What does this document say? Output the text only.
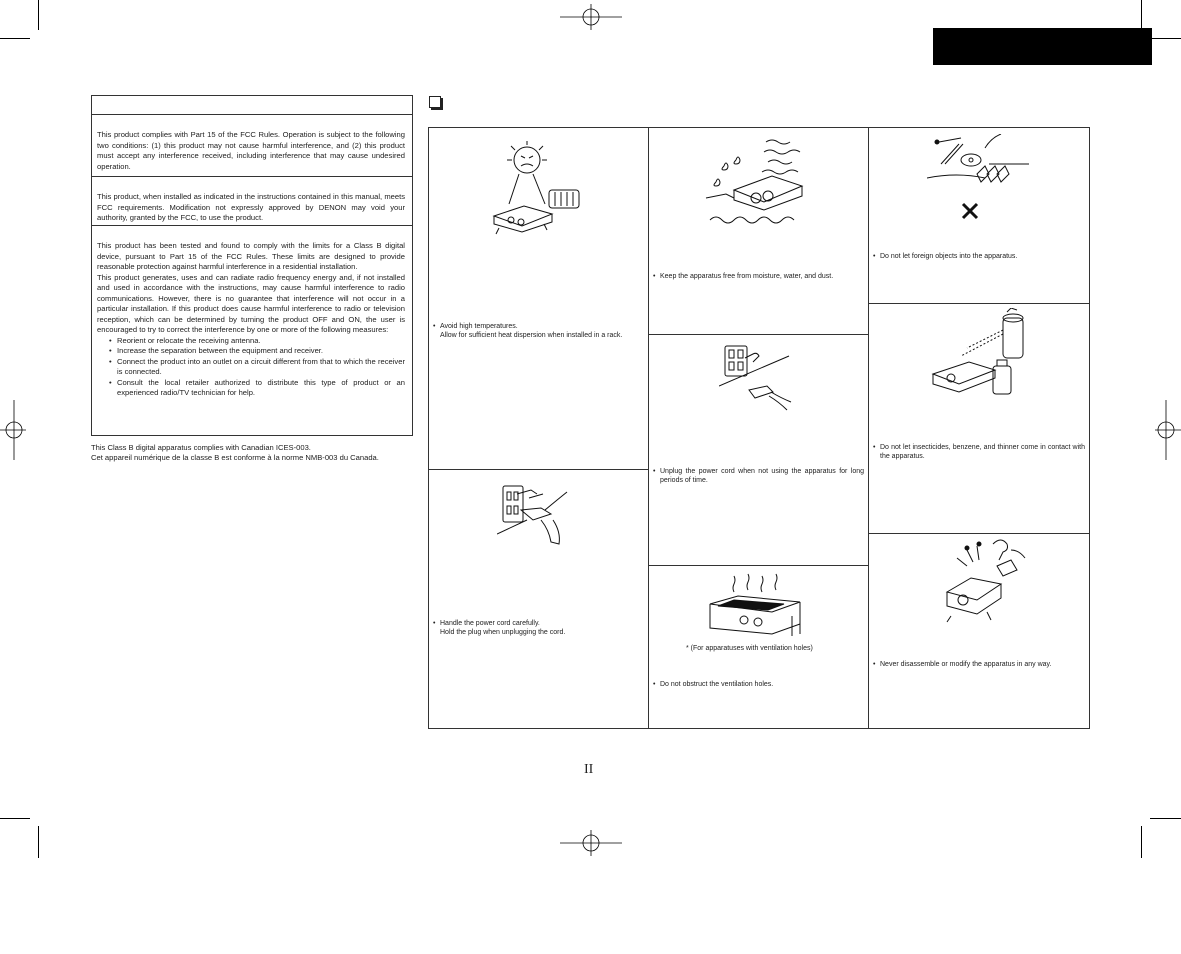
This product complies with Part 15 of the FCC Rules. Operation is subject to the following two conditions: (1) this product may not cause harmful interference, and (2) this product must accept any interference received, including interference that may cause undesired operation.

This product, when installed as indicated in the instructions contained in this manual, meets FCC requirements. Modification not expressly approved by DENON may void your authority, granted by the FCC, to use the product.

This product has been tested and found to comply with the limits for a Class B digital device, pursuant to Part 15 of the FCC Rules. These limits are designed to provide reasonable protection against harmful interference in a residential installation.

This product generates, uses and can radiate radio frequency energy and, if not installed and used in accordance with the instructions, may cause harmful interference to radio communications. However, there is no guarantee that interference will not occur in a particular installation. If this product does cause harmful interference to radio or television reception, which can be determined by turning the product OFF and ON, the user is encouraged to try to correct the interference by one or more of the following measures:

• Reorient or relocate the receiving antenna.
• Increase the separation between the equipment and receiver.
• Connect the product into an outlet on a circuit different from that to which the receiver is connected.
• Consult the local retailer authorized to distribute this type of product or an experienced radio/TV technician for help.
This Class B digital apparatus complies with Canadian ICES-003.
Cet appareil numérique de la classe B est conforme à la norme NMB-003 du Canada.
• Avoid high temperatures.
Allow for sufficient heat dispersion when installed in a rack.
• Handle the power cord carefully.
Hold the plug when unplugging the cord.
• Keep the apparatus free from moisture, water, and dust.
• Unplug the power cord when not using the apparatus for long periods of time.
* (For apparatuses with ventilation holes)
• Do not obstruct the ventilation holes.
• Do not let foreign objects into the apparatus.
• Do not let insecticides, benzene, and thinner come in contact with the apparatus.
• Never disassemble or modify the apparatus in any way.
II
